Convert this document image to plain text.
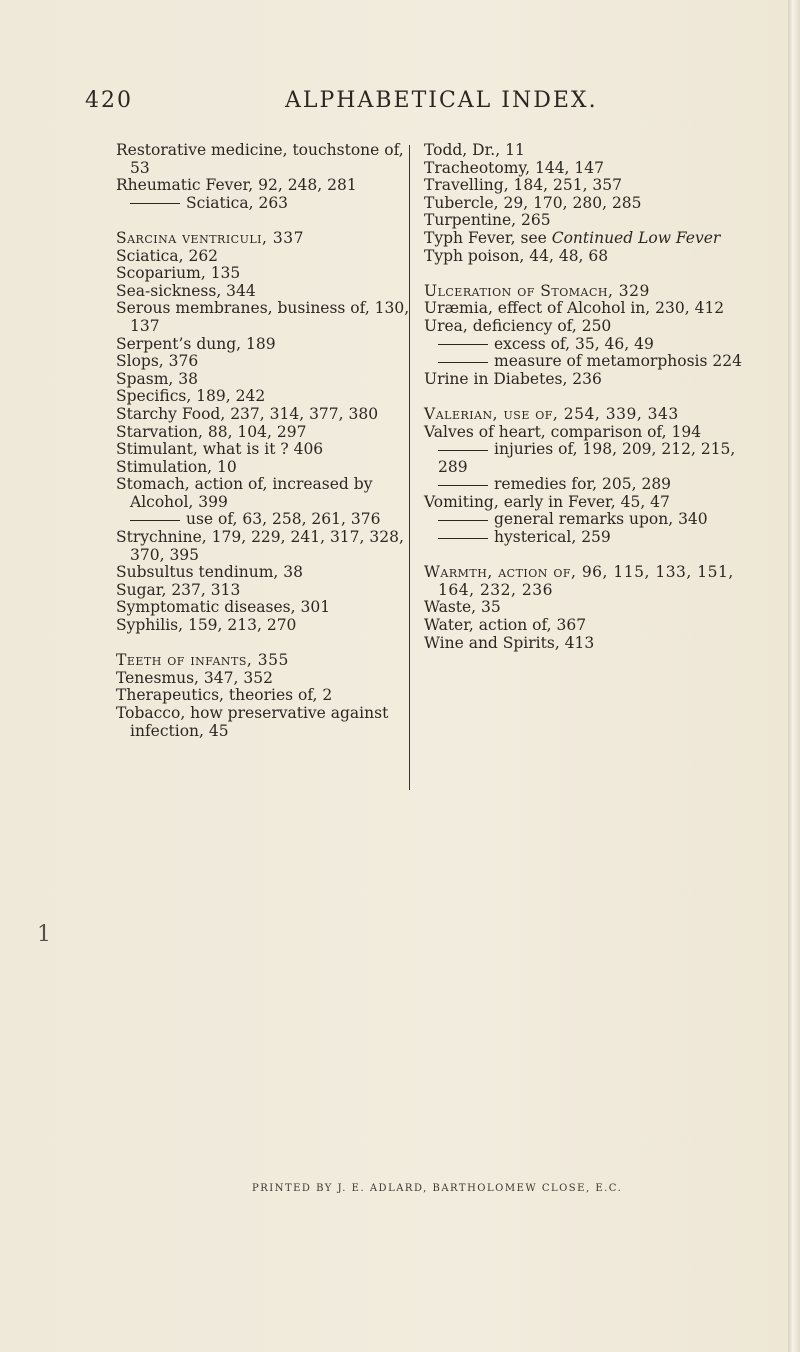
420	ALPHABETICAL INDEX.
Restorative medicine, touchstone of, 53
Rheumatic Fever, 92, 248, 281
Sciatica, 263
Sarcina ventriculi, 337
Sciatica, 262
Scoparium, 135
Sea-sickness, 344
Serous membranes, business of, 130, 137
Serpent’s dung, 189
Slops, 376
Spasm, 38
Specifics, 189, 242
Starchy Food, 237, 314, 377, 380
Starvation, 88, 104, 297
Stimulant, what is it ? 406
Stimulation, 10
Stomach, action of, increased by Alcohol, 399
use of, 63, 258, 261, 376
Strychnine, 179, 229, 241, 317, 328, 370, 395
Subsultus tendinum, 38
Sugar, 237, 313
Symptomatic diseases, 301
Syphilis, 159, 213, 270
Teeth of infants, 355
Tenesmus, 347, 352
Therapeutics, theories of, 2
Tobacco, how preservative against infection, 45
Todd, Dr., 11
Tracheotomy, 144, 147
Travelling, 184, 251, 357
Tubercle, 29, 170, 280, 285
Turpentine, 265
Typh Fever, see Continued Low Fever
Typh poison, 44, 48, 68
Ulceration of Stomach, 329
Uræmia, effect of Alcohol in, 230, 412
Urea, deficiency of, 250
excess of, 35, 46, 49
measure of metamorphosis 224
Urine in Diabetes, 236
Valerian, use of, 254, 339, 343
Valves of heart, comparison of, 194
injuries of, 198, 209, 212, 215, 289
remedies for, 205, 289
Vomiting, early in Fever, 45, 47
general remarks upon, 340
hysterical, 259
Warmth, action of, 96, 115, 133, 151, 164, 232, 236
Waste, 35
Water, action of, 367
Wine and Spirits, 413
1
PRINTED BY J. E. ADLARD, BARTHOLOMEW CLOSE, E.C.
